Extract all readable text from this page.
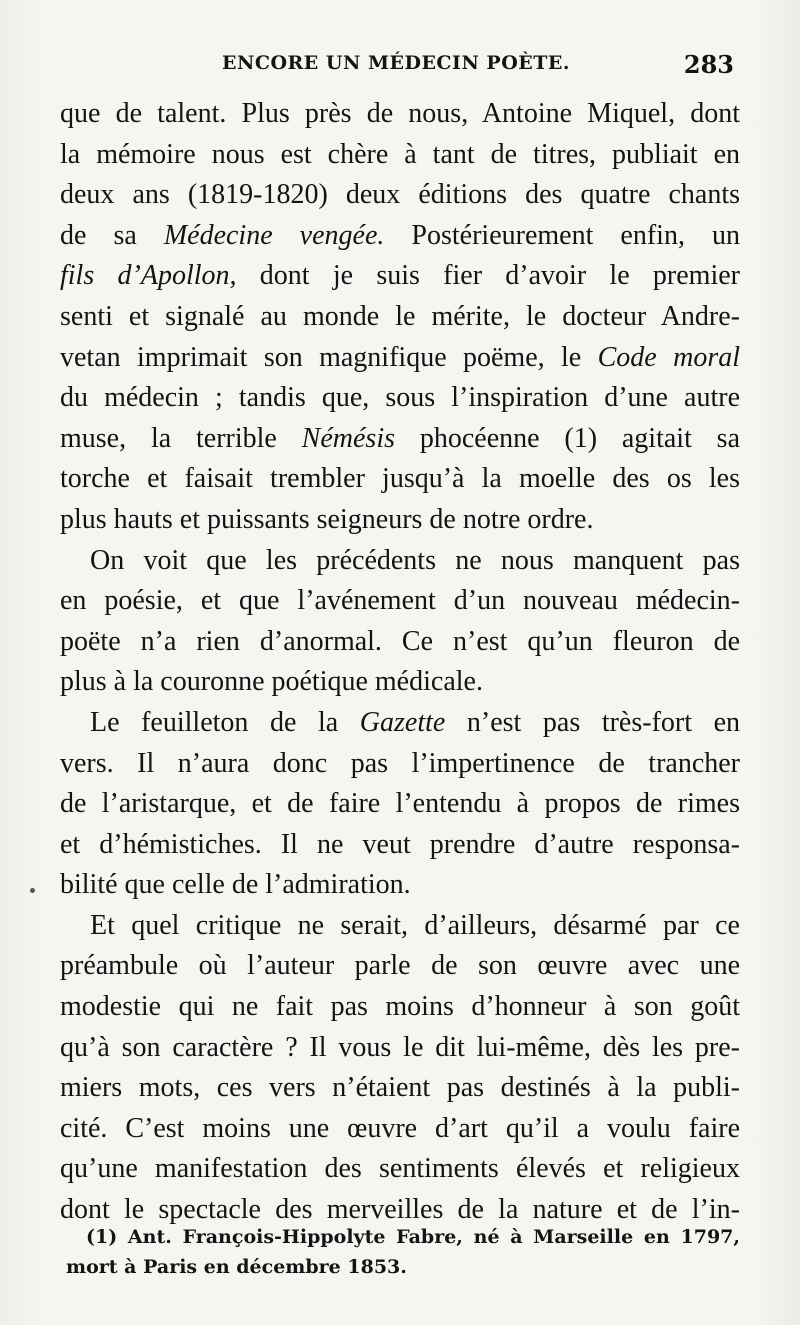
ENCORE UN MÉDECIN POÈTE.	283
que de talent. Plus près de nous, Antoine Miquel, dont
la mémoire nous est chère à tant de titres, publiait en
deux ans (1819-1820) deux éditions des quatre chants
de sa Médecine vengée. Postérieurement enfin, un
fils d’Apollon, dont je suis fier d’avoir le premier
senti et signalé au monde le mérite, le docteur Andre-
vetan imprimait son magnifique poëme, le Code moral
du médecin ; tandis que, sous l’inspiration d’une autre
muse, la terrible Némésis phocéenne (1) agitait sa
torche et faisait trembler jusqu’à la moelle des os les
plus hauts et puissants seigneurs de notre ordre.
On voit que les précédents ne nous manquent pas
en poésie, et que l’avénement d’un nouveau médecin-
poëte n’a rien d’anormal. Ce n’est qu’un fleuron de
plus à la couronne poétique médicale.
Le feuilleton de la Gazette n’est pas très-fort en
vers. Il n’aura donc pas l’impertinence de trancher
de l’aristarque, et de faire l’entendu à propos de rimes
et d’hémistiches. Il ne veut prendre d’autre responsa-
bilité que celle de l’admiration.
Et quel critique ne serait, d’ailleurs, désarmé par ce
préambule où l’auteur parle de son œuvre avec une
modestie qui ne fait pas moins d’honneur à son goût
qu’à son caractère ? Il vous le dit lui-même, dès les pre-
miers mots, ces vers n’étaient pas destinés à la publi-
cité. C’est moins une œuvre d’art qu’il a voulu faire
qu’une manifestation des sentiments élevés et religieux
dont le spectacle des merveilles de la nature et de l’in-
(1) Ant. François-Hippolyte Fabre, né à Marseille en 1797,
mort à Paris en décembre 1853.
